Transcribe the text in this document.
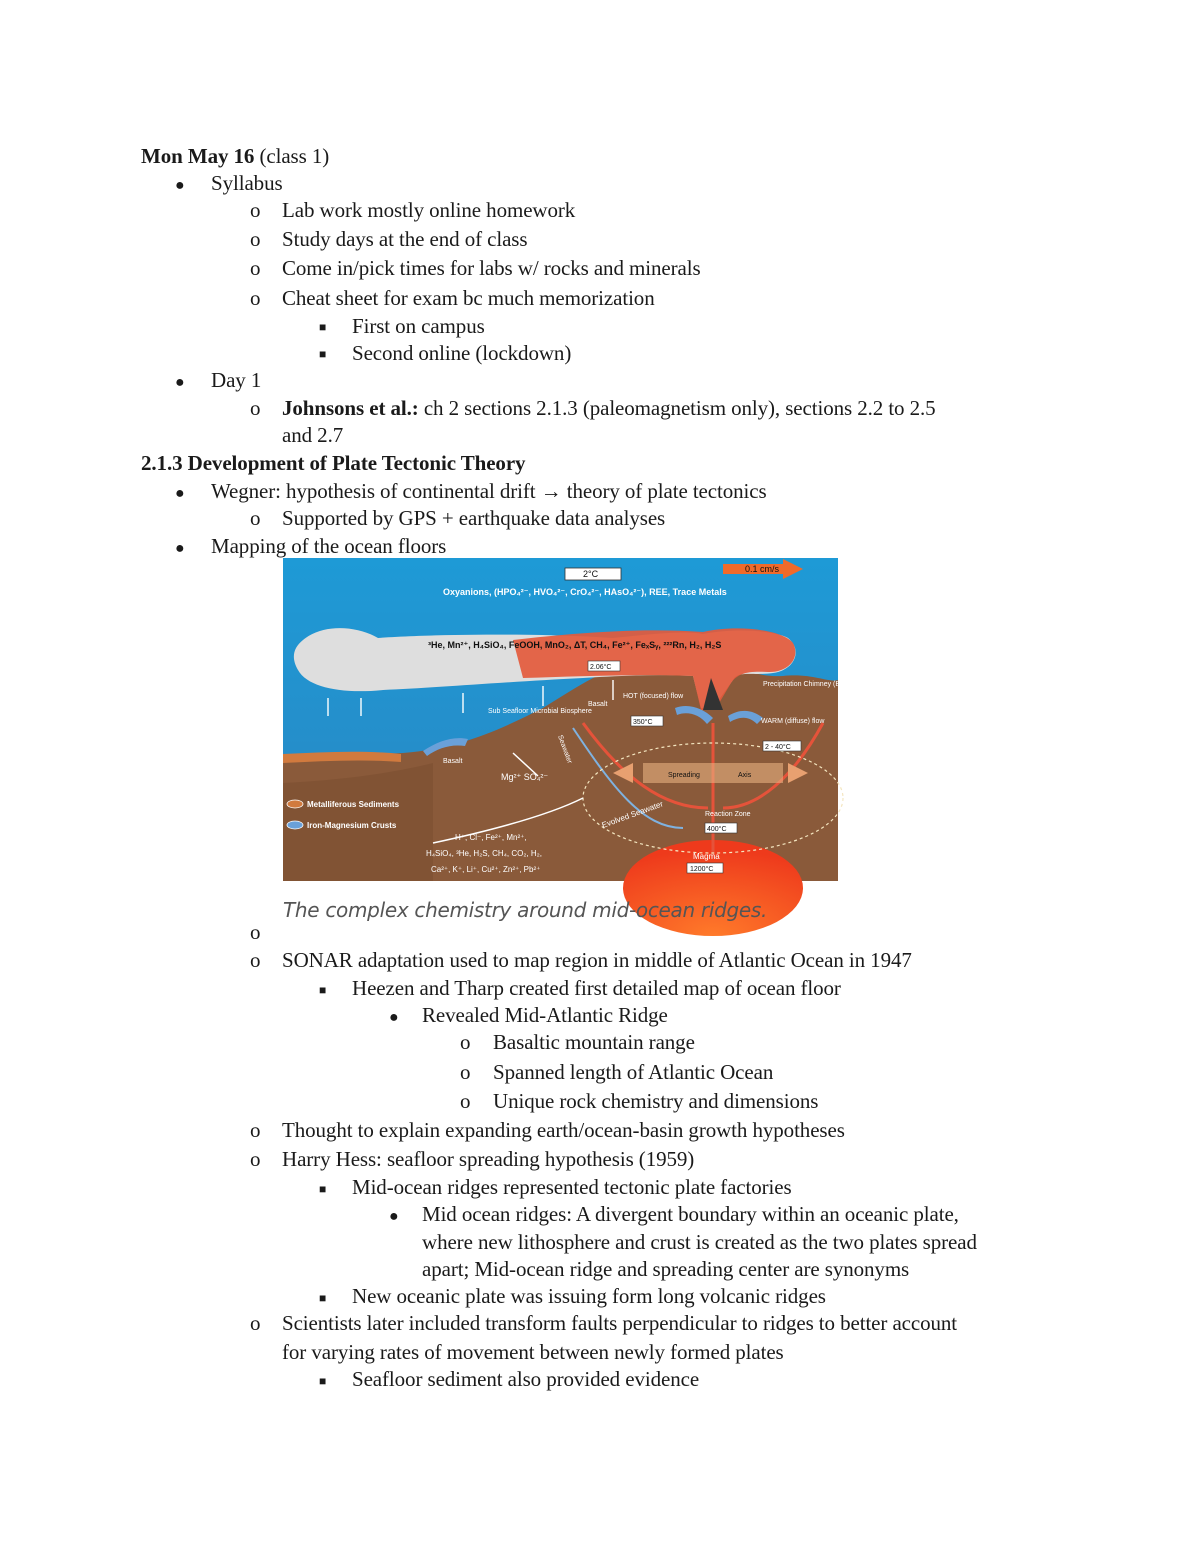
Mon May 16 (class 1)
● Syllabus
o Lab work mostly online homework
o Study days at the end of class
o Come in/pick times for labs w/ rocks and minerals
o Cheat sheet for exam bc much memorization
■ First on campus
■ Second online (lockdown)
● Day 1
o Johnsons et al.: ch 2 sections 2.1.3 (paleomagnetism only), sections 2.2 to 2.5
and 2.7
2.1.3 Development of Plate Tectonic Theory
● Wegner: hypothesis of continental drift → theory of plate tectonics
o Supported by GPS + earthquake data analyses
● Mapping of the ocean floors
2°C	0.1 cm/s
Oxyanions, (HPO₄²⁻, HVO₄²⁻, CrO₄²⁻, HAsO₄²⁻), REE, Trace Metals
³He, Mn²⁺, H₄SiO₄, FeOOH, MnO₂, ΔT, CH₄, Fe²⁺, FeₓSᵧ, ²²²Rn, H₂, H₂S
2.06°C
HOT (focused) flow
350°C
Precipitation Chimney (Black Smoker)
WARM (diffuse) flow
2 - 40°C
Basalt
Sub Seafloor Microbial Biosphere
Seawater
Basalt
Mg²⁺ SO₄²⁻	Spreading	Axis
Reaction Zone
400°C
Evolved Seawater
Metalliferous Sediments
Iron-Magnesium Crusts
H⁺, Cl⁻, Fe²⁺, Mn²⁺,
H₄SiO₄, ³He, H₂S, CH₄, CO₂, H₂,
Ca²⁺, K⁺, Li⁺, Cu²⁺, Zn²⁺, Pb²⁺
Magma
1200°C
The complex chemistry around mid-ocean ridges.
o
o SONAR adaptation used to map region in middle of Atlantic Ocean in 1947
■ Heezen and Tharp created first detailed map of ocean floor
● Revealed Mid-Atlantic Ridge
o Basaltic mountain range
o Spanned length of Atlantic Ocean
o Unique rock chemistry and dimensions
o Thought to explain expanding earth/ocean-basin growth hypotheses
o Harry Hess: seafloor spreading hypothesis (1959)
■ Mid-ocean ridges represented tectonic plate factories
● Mid ocean ridges: A divergent boundary within an oceanic plate,
where new lithosphere and crust is created as the two plates spread
apart; Mid-ocean ridge and spreading center are synonyms
■ New oceanic plate was issuing form long volcanic ridges
o Scientists later included transform faults perpendicular to ridges to better account
for varying rates of movement between newly formed plates
■ Seafloor sediment also provided evidence
